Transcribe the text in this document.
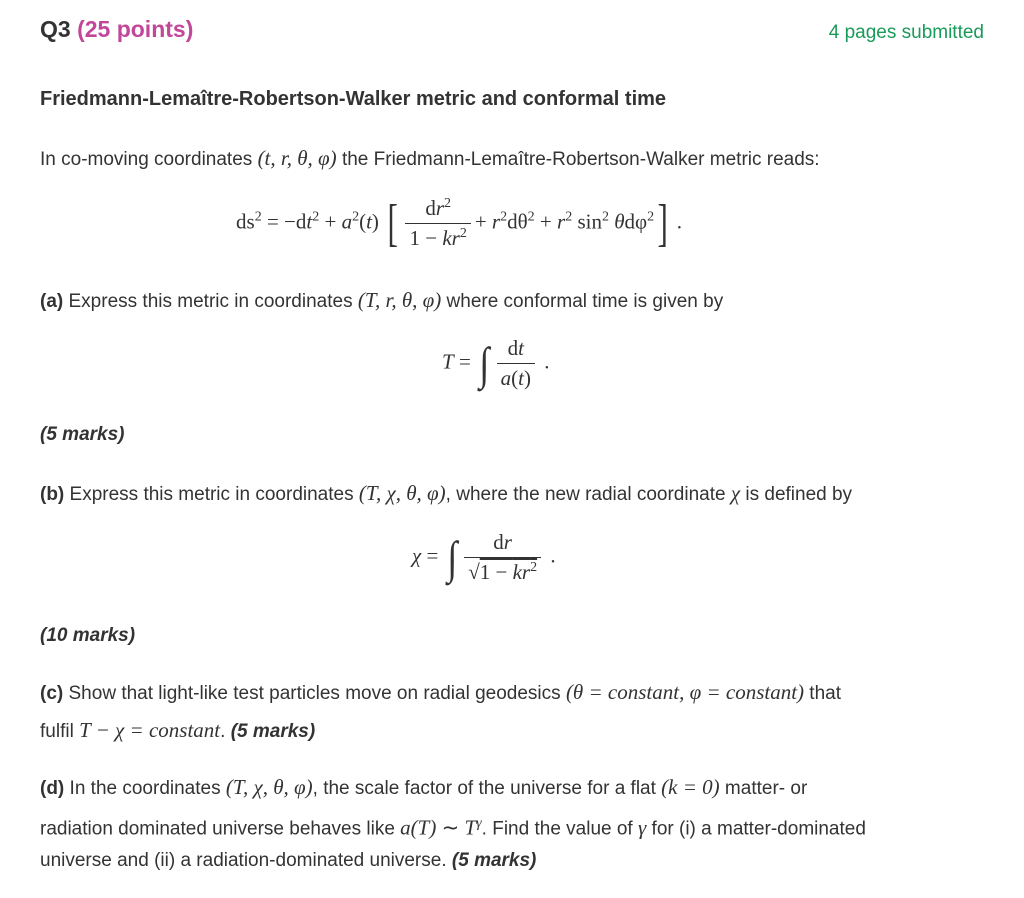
Q3 (25 points)	4 pages submitted
Friedmann-Lemaître-Robertson-Walker metric and conformal time
In co-moving coordinates (t, r, θ, φ) the Friedmann-Lemaître-Robertson-Walker metric reads:
$ds^2 = -dt^2 + a^2(t)$ [ $\frac{dr^2}{1 - kr^2} + r^2d\theta^2 + r^2$ $\sin^2 \theta d\varphi^2$] .
(a) Express this metric in coordinates (T, r, θ, φ) where conformal time is given by
T = ∫ $\frac{dt}{a(t)}$ .
(5 marks)
(b) Express this metric in coordinates (T, χ, θ, φ), where the new radial coordinate χ is defined by
χ = ∫ $\frac{dr}{√1 - kr^2}$ .
(10 marks)
(c) Show that light-like test particles move on radial geodesics (θ = constant, φ = constant) that
fulfil T − χ = constant. (5 marks)
(d) In the coordinates (T, χ, θ, φ), the scale factor of the universe for a flat (k = 0) matter- or
radiation dominated universe behaves like a(T) ∼ $T^\gamma$. Find the value of γ for (i) a matter-dominated
universe and (ii) a radiation-dominated universe. (5 marks)
